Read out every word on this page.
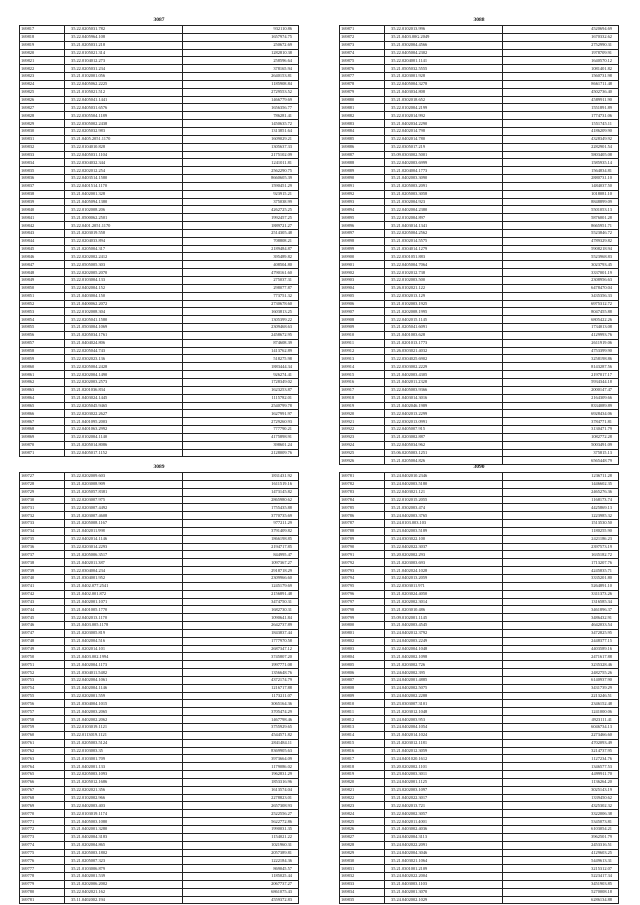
3087
169817	35.22.0205031.782	932110.86
169818	35.22.0405964.108	1657974.75
169819	35.21.0205031.218	250672.69
169820	35.22.0105021.314	1282810.38
169821	35.22.0104012.273	258596.64
169822	35.22.0205031.234	378165.94
169823	35.21.0102001.056	2640153.81
169824	35.22.0405062.2225	1185908.84
169825	35.21.0105021.512	2729553.52
169826	35.22.0405041.1441	1466779.69
169827	35.22.0405031.6576	1656356.77
169828	35.22.0305504.1189	786281.41
169829	35.22.0305002.2438	1450635.72
169830	35.22.0205032.983	1313851.64
169831	35.21.0405.2051.1170	1609029.21
169832	35.22.0104010.828	1305637.33
169833	35.22.0405031.1104	2175102.09
169834	35.22.0304032.344	1241011.81
169835	35.22.0202012.254	2562290.75
169836	35.22.0403514.1580	8660605.39
169837	35.22.0401514.1170	1590451.29
169838	35.21.0402001.328	923915.21
169839	35.21.0405094.1380	375038.99
169840	35.22.0102008.206	4262725.25
169841	35.21.0500062.2501	1992457.25
169842	35.22.0401.2051.1170	1889721.27
169843	35.21.0203019.558	2514305.48
169844	35.22.0204033.894	708808.21
169845	35.21.0205004.317	2189484.87
169846	35.22.0202002.2412	395489.82
169847	35.22.0505005.303	408504.80
169848	35.22.0202005.2070	4790161.60
169849	35.22.0103004.133	275037.31
169850	35.22.0402004.152	298077.87
169851	35.21.0403004.150	773751.32
169852	35.21.0400062.2072	2730678.60
169853	35.22.0102008.304	1603813.25
169854	35.22.0205041.1580	1305399.22
169855	35.21.0503004.1069	2309468.63
169856	35.21.0205034.1761	2458672.95
169857	35.21.0404024.806	874608.39
169858	35.22.0205044.743	1413762.89
169859	35.22.0302023.136	518275.98
169860	35.22.0205004.2428	1883444.34
169861	35.22.0202004.1490	926274.41
169862	35.22.0202003.2573	1728349.02
169863	35.21.0201036.834	1623253.87
169864	35.21.0403024.1445	1115782.01
169865	35.22.0205045.9465	2540799.78
169866	35.22.0203022.2627	1627991.97
169867	35.21.0401095.2003	2729260.93
169868	35.22.0401063.2992	777790.21
169869	35.22.0102004.1140	4175898.91
169870	35.21.0205014.8086	398601.24
169871	35.22.0405017.1152	2128009.76
3088
169871	35.22.0102013.996	4520694.69
169872	35.21.0403.00G.2049	1670332.62
169873	35.21.0302004.4566	2752990.31
169874	35.22.0405004.2302	1978709.91
169875	35.22.0204001.1141	1640570.12
169876	35.21.0505032.5555	1081401.82
169877	35.21.0203001.928	1560731.98
169878	35.22.0405004.3278	8661711.48
169879	35.21.0403034.808	4502736.40
169880	35.21.0302018.652	4589911.90
169881	35.22.0102004.2199	1551891.89
169882	35.22.0102014.992	1774731.06
169883	35.21.0402034.2290	1551745.11
169884	35.22.0402014.798	4186209.90
169885	35.22.0402014.780	4328349.92
169886	35.22.0305017.219	2282901.54
169887	35.09.0303002.5001	5803405.08
169888	35.22.0402003.6999	1585935.14
169889	35.21.0204004.1773	1564834.81
169890	35.21.0402003.3090	2880731.10
169891	35.21.0205003.2091	1484037.50
169892	35.21.0205003.3058	1018081.10
169893	35.21.0302004.923	8848899.09
169894	35.22.0402004.2380	5501053.13
169895	35.22.0102004.897	5876001.28
169896	35.21.0403014.1341	8665951.71
169897	35.22.0205004.2562	5523846.72
169898	35.21.0302014.5575	4789329.82
169899	35.21.0304014.1279	5908218.94
169900	35.22.0301051.883	5523968.83
169901	35.22.0405004.7064	3023793.45
169902	35.22.0102012.738	3337001.19
169903	35.22.0102003.500	2308956.63
169904	35.26.0102021.122	6478470.04
169905	35.22.0302013.129	3435356.33
169906	35.21.0102003.1925	6975312.72
169907	35.21.0202008.1995	8047455.88
169908	35.22.0402015.1145	6805422.26
169909	35.21.0205041.6091	1734013.08
169910	35.21.0401003.628	4129993.76
169911	35.21.0201013.1773	2611919.06
169912	35.26.0303021.4032	4753399.90
169913	35.22.0304025.6902	3258198.86
169914	35.22.0303002.2229	8143287.56
169915	35.21.0402003.4305	2197017.17
169916	35.21.0402011.2328	5934344.18
169917	35.22.0405003.9366	2000147.47
169918	35.21.0403014.3016	2164309.66
169919	35.21.0402046.1989	8334089.89
169920	35.22.0402013.2299	6928434.06
169921	35.22.0302013.0991	3784771.81
169922	35.22.0405007.915	3130471.79
169923	35.21.0203002.887	1082772.28
169924	35.22.0405034.962	5003491.09
169925	35.06.0205003.1251	375815.13
169926	35.21.0205004.826	6565448.79
3089
169727	35.22.0202009.603	1831431.92
169728	35.21.0203008.909	1611519.16
169729	35.21.0205057.8381	1473145.82
169730	35.22.0203007.975	2865980.62
169731	35.22.0203007.4492	1755435.88
169732	35.21.0203007.4608	3770735.69
169733	35.21.0205008.1167	977211.29
169734	35.21.0402011.998	3791409.82
169735	35.22.0402014.1146	1866198.85
169736	35.22.0203014.2293	2194717.85
169737	35.21.0205006.3517	844995.47
169738	35.21.0402011.387	1097367.27
169739	35.22.0304004.234	2918718.29
169740	35.21.0304001.952	2309966.60
169741	35.21.0402.077.2541	1245179.69
169742	35.21.0402.001.872	2156891.48
169743	35.21.0402001.1071	3474750.31
169744	35.21.0401005.1770	1682730.31
169745	35.22.0402013.1170	1090641.84
169746	35.21.0403.005.1178	2642737.89
169747	35.21.0203005.819	1843837.44
169748	35.21.0402004.516	1777970.58
169749	35.21.0202014.101	2687347.12
169750	35.21.0403.002.1994	3745807.20
169751	35.21.0402004.1173	1997771.08
169752	35.21.0304011.5482	1356648.76
169753	35.22.0402004.1061	4372174.79
169754	35.21.0402004.1146	1216717.88
169755	35.22.0202001.559	1173211.07
169756	35.21.0304004.1015	3065164.36
169757	35.21.0402003.2065	3705474.29
169758	35.21.0402002.2062	1467798.46
169759	35.22.0103019.1121	3755929.65
169760	35.22.0113019.1121	4544571.82
169761	35.21.0205003.5124	2841484.11
169762	35.22.0103003.35	8369905.63
169763	35.21.0103001.709	3973664.09
169764	35.21.0402001.133	1179086.02
169765	35.22.0205003.1093	1962831.29
169766	35.21.0205012.1686	1853316.96
169767	35.22.0202021.356	1613574.04
169768	35.22.0102002.966	2278823.01
169769	35.22.0402003.403	2657308.93
169770	35.22.0103019.1174	2522556.27
169771	35.21.0405003.1080	5622772.86
169772	35.21.0402001.3280	1990031.35
169773	35.21.0402004.3183	1154021.22
169774	35.21.0202004.865	1021960.31
169775	35.21.0205003.1802	2057389.81
169776	35.21.0205007.323	1222184.36
169777	35.21.0103006.879	869045.57
169778	35.21.0402001.539	1185025.44
169779	35.21.0202006.2002	2067737.27
169780	35.22.0402021.162	6861075.43
169781	35.11.0402002.194	4559372.83
3090
169781	35.24.0402010.2346	1236711.28
169782	35.24.0402003.5180	1446602.35
169783	35.22.0403021.121	2465276.36
169784	35.22.0102015.2055	1168173.74
169785	35.21.0302003.474	4425869.13
169786	35.24.0402003.3765	1223985.32
169787	35.24.0103.003.103	1513530.50
169788	35.23.0402003.5189	1180255.90
169789	35.24.0303022.100	2421186.23
169790	35.22.0402022.3037	2397573.19
169791	35.20.0202002.293	1635182.72
169792	35.21.0203003.693	1713207.76
169793	35.21.0402024.1028	4245835.71
169794	35.22.0402013.2059	3335201.80
169795	35.22.0303011.971	5264891.10
169796	35.21.0203024.4050	3311373.26
169797	35.21.0202002.3014	1316585.34
169798	35.21.0203010.486	3461896.37
169799	35.09.0102001.1145	3486432.91
169800	35.21.0402003.4545	4642033.54
169801	35.24.0402012.3792	3472825.95
169802	35.24.0402003.2249	2448377.15
169803	35.22.0402004.1048	4403589.16
169804	35.21.0402002.1098	2471617.88
169805	35.21.0203002.726	3235328.46
169806	35.24.0402002.395	2482755.26
169807	35.24.0402001.4885	6140937.90
169808	35.24.0402002.5075	3431739.29
169809	35.24.0402002.2288	2213246.51
169810	35.23.0303007.3101	2346152.48
169811	35.21.0203012.1048	1241000.06
169812	35.24.0402003.953	4923111.41
169813	35.24.0402004.1054	6046734.13
169814	35.21.0402014.1024	2273466.60
169815	35.21.0203012.1181	4702093.49
169816	35.21.0402012.3059	3214737.95
169817	35.24.0401020.1612	1127234.76
169818	35.20.0202002.1101	1346577.53
169819	35.23.0402003.3011	4499911.70
169820	35.24.0402001.1125	1136264.20
169821	35.23.0202003.1097	3025143.19
169822	35.21.0402022.3017	1339450.62
169823	35.22.0402013.721	4325302.32
169824	35.22.0402002.3057	3322006.38
169825	35.22.0402011.4001	5345073.81
169826	35.21.0403002.4036	6103054.21
169827	35.24.0402004.3113	3962501.79
169828	35.24.0402022.2091	2453316.51
169829	35.24.0402004.3046	4129603.25
169830	35.21.0403021.1064	5449613.31
169831	35.21.0301001.2109	3215312.07
169832	35.24.0402022.2004	5223417.34
169833	35.21.0403003.1103	3451903.85
169834	35.21.0402001.3070	5270008.18
169835	35.24.0402002.1029	6286134.88
